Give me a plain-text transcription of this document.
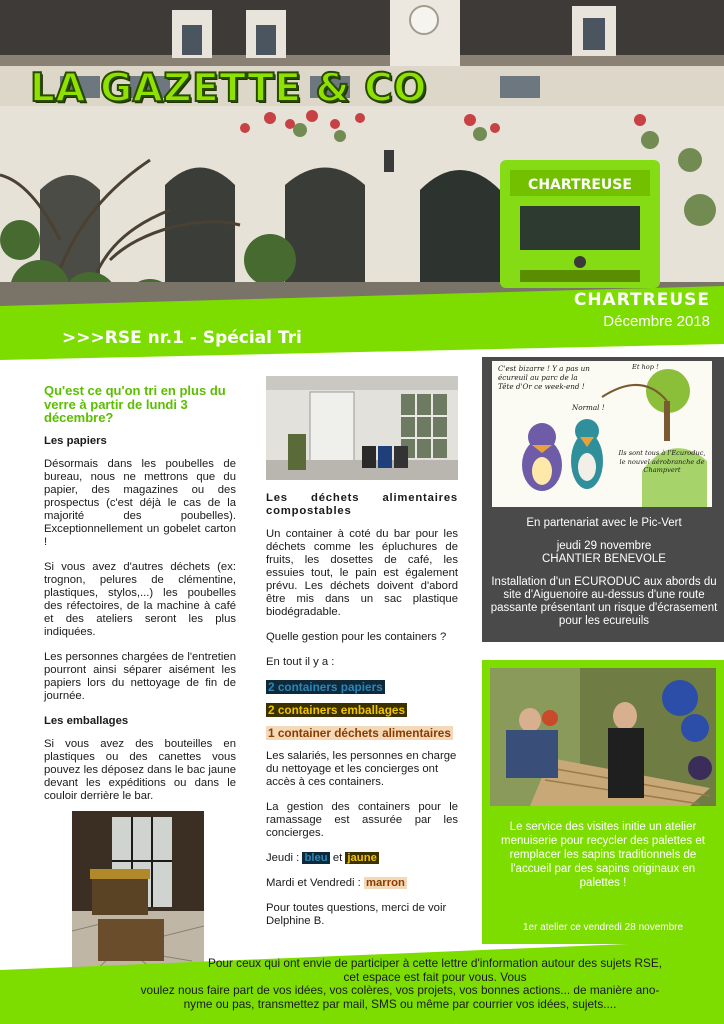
CHARTREUSE
LA GAZETTE & CO
CHARTREUSE
Décembre 2018
>>>RSE nr.1 - Spécial Tri
Qu'est ce qu'on tri en plus du verre à partir de lundi 3 décembre?
Les papiers

Désormais dans les poubelles de bureau, nous ne mettrons que du papier, des magazines ou des prospectus (c'est déjà le cas de la majorité des poubelles). Exceptionnellement un gobelet carton !

Si vous avez d'autres déchets (ex: trognon, pelures de clémentine, plastiques, stylos,...) les poubelles des réfectoires, de la machine à café et des ateliers seront les plus indiquées.

Les personnes chargées de l'entretien pourront ainsi séparer aisément les papiers lors du nettoyage de fin de journée.

Les emballages

Si vous avez des bouteilles en plastiques ou des canettes vous pouvez les déposez dans le bac jaune devant les expéditions ou dans le couloir derrière le bar.

Les déchets alimentaires compostables

Un container à coté du bar pour les déchets comme les épluchures de fruits, les dosettes de café, les essuies tout, le pain est également prévu. Les déchets doivent d'abord être mis dans un sac plastique biodégradable.

Quelle gestion pour les containers ?

En tout il y a :

2 containers papiers
2 containers emballages
1 container déchets alimentaires

Les salariés, les personnes en charge du nettoyage et les concierges ont accès à ces containers.

La gestion des containers pour le ramassage est assurée par les concierges.

Jeudi : bleu et jaune

Mardi et Vendredi : marron

Pour toutes questions, merci de voir Delphine B.

C'est bizarre ! Y a pas un écureuil au parc de la Tête d'Or ce week-end !
Normal !
Ils sont tous à l'Ecuroduc, le nouvel aérobranche de Champvert
Et hop !
En partenariat avec le Pic-Vert
jeudi 29 novembre
CHANTIER BENEVOLE
Installation d'un ECURODUC aux abords du site d'Aiguenoire au-dessus d'une route passante présentant un risque d'écrasement pour les ecureuils
Le service des visites initie un atelier menuiserie pour recycler des palettes et remplacer les sapins traditionnels de l'accueil par des sapins originaux en palettes !
1er atelier ce vendredi 28 novembre
Pour ceux qui ont envie de participer à cette lettre d'information autour des sujets RSE, cet espace est fait pour vous. Vous
voulez nous faire part de vos idées, vos colères, vos projets, vos bonnes actions... de manière ano-nyme ou pas, transmettez par mail, SMS ou même par courrier vos idées, sujets....
